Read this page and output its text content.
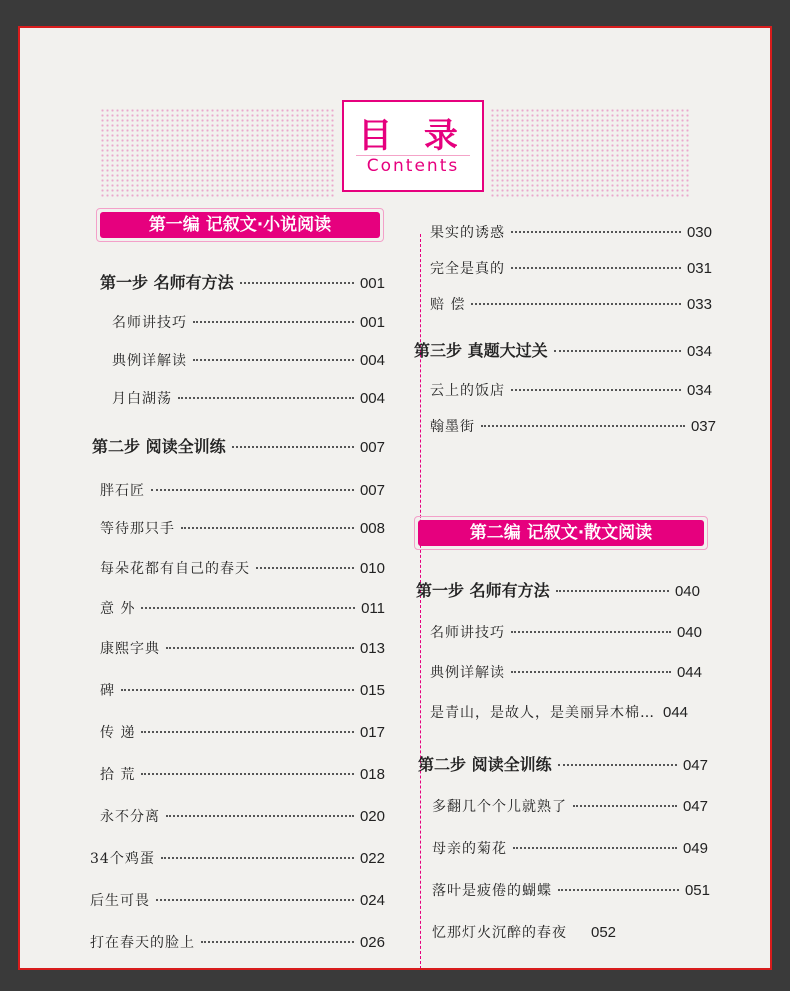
目 录
Contents
第一编 记叙文·小说阅读
第一步 名师有方法	001
名师讲技巧	001
典例详解读	004
月白湖荡	004
第二步 阅读全训练	007
胖石匠	007
等待那只手	008
每朵花都有自己的春天	010
意 外	011
康熙字典	013
碑	015
传 递	017
拾 荒	018
永不分离	020
34个鸡蛋	022
后生可畏	024
打在春天的脸上	026
果实的诱惑	030
完全是真的	031
赔 偿	033
第三步 真题大过关	034
云上的饭店	034
翰墨街	037
第二编 记叙文·散文阅读
第一步 名师有方法	040
名师讲技巧	040
典例详解读	044
是青山，是故人，是美丽异木棉… 044
第二步 阅读全训练	047
多翻几个个儿就熟了	047
母亲的菊花	049
落叶是疲倦的蝴蝶	051
忆那灯火沉醉的春夜 052
